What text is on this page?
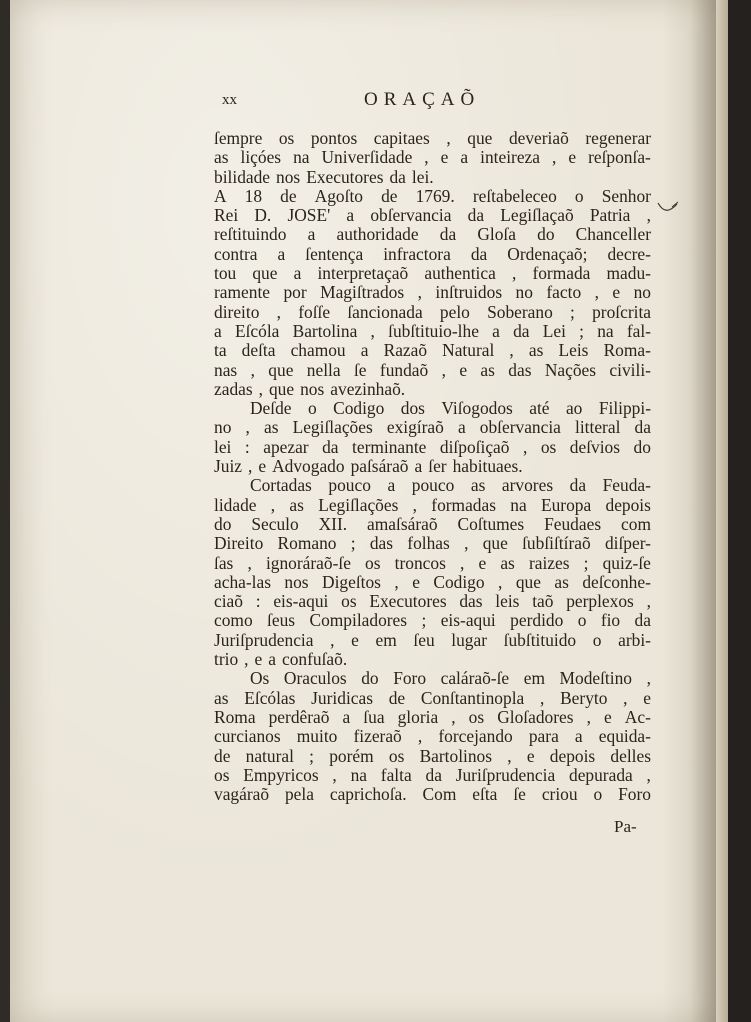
xx	ORAÇAÕ
ſempre os pontos capitaes , que deveriaõ regenerar
as liçóes na Univerſidade , e a inteireza , e reſponſa-
bilidade nos Executores da lei.
A 18 de Agoſto de 1769. reſtabeleceo o Senhor
Rei D. JOSE' a obſervancia da Legiſlaçaõ Patria ,
reſtituindo a authoridade da Gloſa do Chanceller
contra a ſentença infractora da Ordenaçaõ; decre-
tou que a interpretaçaõ authentica , formada madu-
ramente por Magiſtrados , inſtruidos no facto , e no
direito , foſſe ſancionada pelo Soberano ; proſcrita
a Eſcóla Bartolina , ſubſtituio-lhe a da Lei ; na fal-
ta deſta chamou a Razaõ Natural , as Leis Roma-
nas , que nella ſe fundaõ , e as das Nações civili-
zadas , que nos avezinhaõ.
Deſde o Codigo dos Viſogodos até ao Filippi-
no , as Legiſlações exigíraõ a obſervancia litteral da
lei : apezar da terminante diſpoſiçaõ , os deſvios do
Juiz , e Advogado paſsáraõ a ſer habituaes.
Cortadas pouco a pouco as arvores da Feuda-
lidade , as Legiſlações , formadas na Europa depois
do Seculo XII. amaſsáraõ Coſtumes Feudaes com
Direito Romano ; das folhas , que ſubſiſtíraõ diſper-
ſas , ignoráraõ-ſe os troncos , e as raizes ; quiz-ſe
acha-las nos Digeſtos , e Codigo , que as deſconhe-
ciaõ : eis-aqui os Executores das leis taõ perplexos ,
como ſeus Compiladores ; eis-aqui perdido o fio da
Juriſprudencia , e em ſeu lugar ſubſtituido o arbi-
trio , e a confuſaõ.
Os Oraculos do Foro caláraõ-ſe em Modeſtino ,
as Eſcólas Juridicas de Conſtantinopla , Beryto , e
Roma perdêraõ a ſua gloria , os Gloſadores , e Ac-
curcianos muito fizeraõ , forcejando para a equida-
de natural ; porém os Bartolinos , e depois delles
os Empyricos , na falta da Juriſprudencia depurada ,
vagáraõ pela caprichoſa. Com eſta ſe criou o Foro
Pa-
